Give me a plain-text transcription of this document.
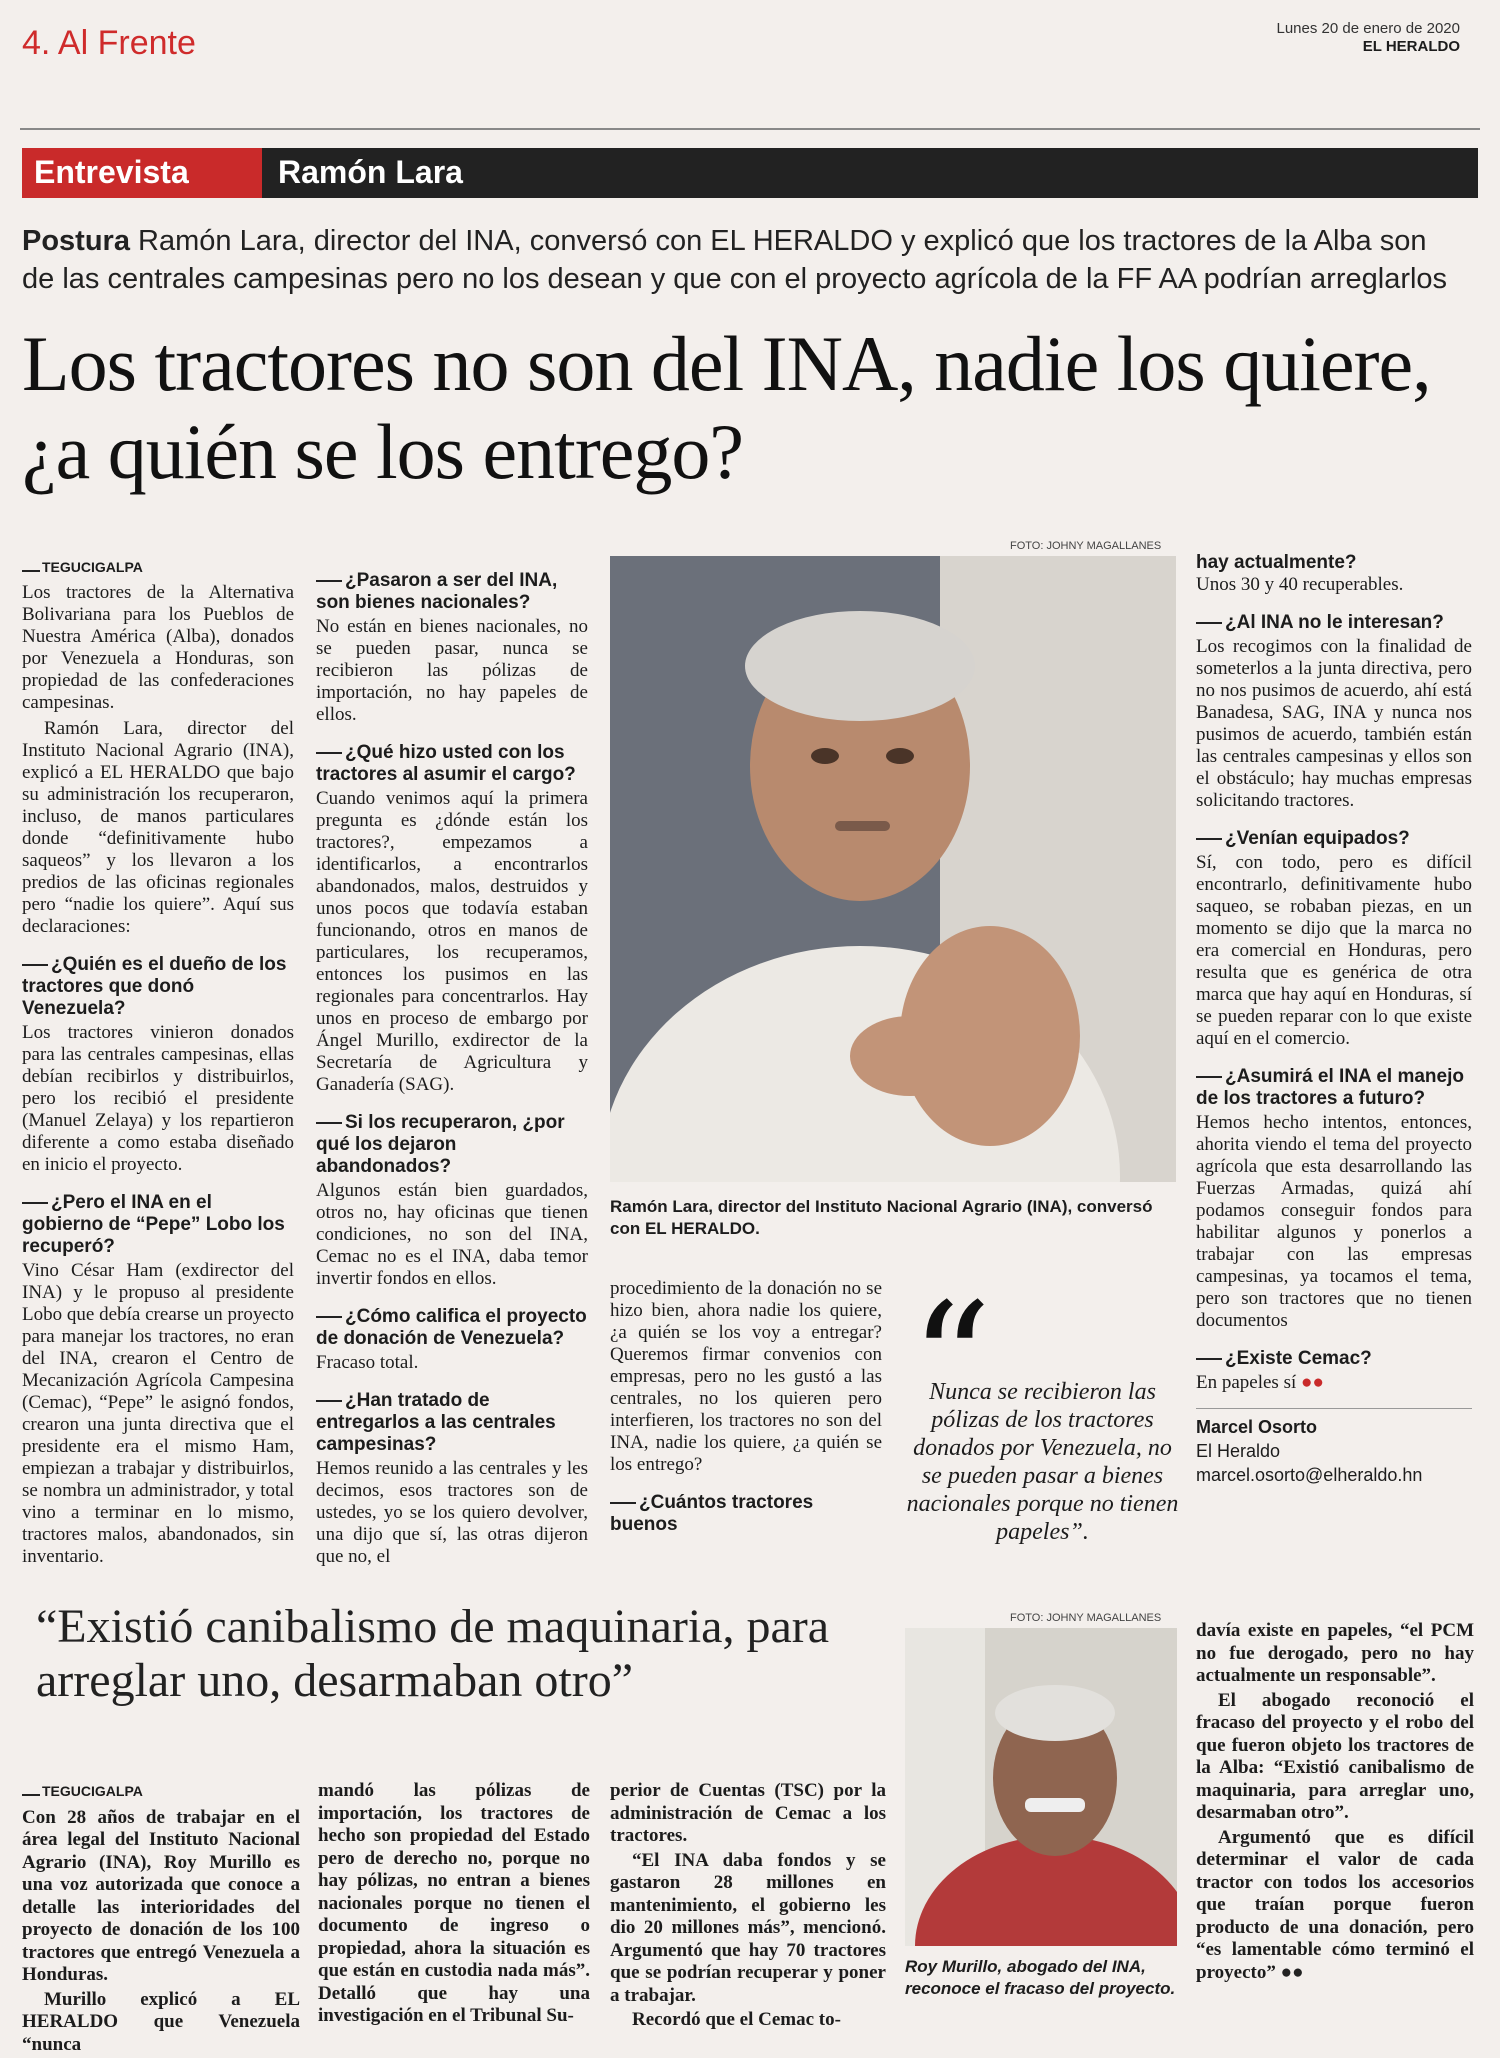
4. Al Frente	Lunes 20 de enero de 2020
EL HERALDO
Entrevista	Ramón Lara
Postura Ramón Lara, director del INA, conversó con EL HERALDO y explicó que los tractores de la Alba son de las centrales campesinas pero no los desean y que con el proyecto agrícola de la FF AA podrían arreglarlos
Los tractores no son del INA, nadie los quiere, ¿a quién se los entrego?
TEGUCIGALPA

Los tractores de la Alternativa Bolivariana para los Pueblos de Nuestra América (Alba), donados por Venezuela a Honduras, son propiedad de las confederaciones campesinas.

Ramón Lara, director del Instituto Nacional Agrario (INA), explicó a EL HERALDO que bajo su administración los recuperaron, incluso, de manos particulares donde “definitivamente hubo saqueos” y los llevaron a los predios de las oficinas regionales pero “nadie los quiere”. Aquí sus declaraciones:

¿Quién es el dueño de los tractores que donó Venezuela?

Los tractores vinieron donados para las centrales campesinas, ellas debían recibirlos y distribuirlos, pero los recibió el presidente (Manuel Zelaya) y los repartieron diferente a como estaba diseñado en inicio el proyecto.

¿Pero el INA en el gobierno de “Pepe” Lobo los recuperó?

Vino César Ham (exdirector del INA) y le propuso al presidente Lobo que debía crearse un proyecto para manejar los tractores, no eran del INA, crearon el Centro de Mecanización Agrícola Campesina (Cemac), “Pepe” le asignó fondos, crearon una junta directiva que el presidente era el mismo Ham, empiezan a trabajar y distribuirlos, se nombra un administrador, y total vino a terminar en lo mismo, tractores malos, abandonados, sin inventario.

¿Pasaron a ser del INA, son bienes nacionales?

No están en bienes nacionales, no se pueden pasar, nunca se recibieron las pólizas de importación, no hay papeles de ellos.

¿Qué hizo usted con los tractores al asumir el cargo?

Cuando venimos aquí la primera pregunta es ¿dónde están los tractores?, empezamos a identificarlos, a encontrarlos abandonados, malos, destruidos y unos pocos que todavía estaban funcionando, otros en manos de particulares, los recuperamos, entonces los pusimos en las regionales para concentrarlos. Hay unos en proceso de embargo por Ángel Murillo, exdirector de la Secretaría de Agricultura y Ganadería (SAG).

Si los recuperaron, ¿por qué los dejaron abandonados?

Algunos están bien guardados, otros no, hay oficinas que tienen condiciones, no son del INA, Cemac no es el INA, daba temor invertir fondos en ellos.

¿Cómo califica el proyecto de donación de Venezuela?

Fracaso total.

¿Han tratado de entregarlos a las centrales campesinas?

Hemos reunido a las centrales y les decimos, esos tractores son de ustedes, yo se los quiero devolver, una dijo que sí, las otras dijeron que no, el

FOTO: JOHNY MAGALLANES
Ramón Lara, director del Instituto Nacional Agrario (INA), conversó con EL HERALDO.

procedimiento de la donación no se hizo bien, ahora nadie los quiere, ¿a quién se los voy a entregar? Queremos firmar convenios con empresas, pero no les gustó a las centrales, no los quieren pero interfieren, los tractores no son del INA, nadie los quiere, ¿a quién se los entrego?

¿Cuántos tractores buenos
“
Nunca se recibieron las pólizas de los tractores donados por Venezuela, no se pueden pasar a bienes nacionales porque no tienen papeles”.
hay actualmente?

Unos 30 y 40 recuperables.

¿Al INA no le interesan?

Los recogimos con la finalidad de someterlos a la junta directiva, pero no nos pusimos de acuerdo, ahí está Banadesa, SAG, INA y nunca nos pusimos de acuerdo, también están las centrales campesinas y ellos son el obstáculo; hay muchas empresas solicitando tractores.

¿Venían equipados?

Sí, con todo, pero es difícil encontrarlo, definitivamente hubo saqueo, se robaban piezas, en un momento se dijo que la marca no era comercial en Honduras, pero resulta que es genérica de otra marca que hay aquí en Honduras, sí se pueden reparar con lo que existe aquí en el comercio.

¿Asumirá el INA el manejo de los tractores a futuro?

Hemos hecho intentos, entonces, ahorita viendo el tema del proyecto agrícola que esta desarrollando las Fuerzas Armadas, quizá ahí podamos conseguir fondos para habilitar algunos y ponerlos a trabajar con las empresas campesinas, ya tocamos el tema, pero son tractores que no tienen documentos

¿Existe Cemac?

En papeles sí ●●

Marcel Osorto
El Heraldo
marcel.osorto@elheraldo.hn
“Existió canibalismo de maquinaria, para arreglar uno, desarmaban otro”
TEGUCIGALPA

Con 28 años de trabajar en el área legal del Instituto Nacional Agrario (INA), Roy Murillo es una voz autorizada que conoce a detalle las interioridades del proyecto de donación de los 100 tractores que entregó Venezuela a Honduras.

Murillo explicó a EL HERALDO que Venezuela “nunca

mandó las pólizas de importación, los tractores de hecho son propiedad del Estado pero de derecho no, porque no hay pólizas, no entran a bienes nacionales porque no tienen el documento de ingreso o propiedad, ahora la situación es que están en custodia nada más”. Detalló que hay una investigación en el Tribunal Su-

perior de Cuentas (TSC) por la administración de Cemac a los tractores.

“El INA daba fondos y se gastaron 28 millones en mantenimiento, el gobierno les dio 20 millones más”, mencionó. Argumentó que hay 70 tractores que se podrían recuperar y poner a trabajar.

Recordó que el Cemac to-

FOTO: JOHNY MAGALLANES
Roy Murillo, abogado del INA, reconoce el fracaso del proyecto.

davía existe en papeles, “el PCM no fue derogado, pero no hay actualmente un responsable”.

El abogado reconoció el fracaso del proyecto y el robo del que fueron objeto los tractores de la Alba: “Existió canibalismo de maquinaria, para arreglar uno, desarmaban otro”.

Argumentó que es difícil determinar el valor de cada tractor con todos los accesorios que traían porque fueron producto de una donación, pero “es lamentable cómo terminó el proyecto” ●●
